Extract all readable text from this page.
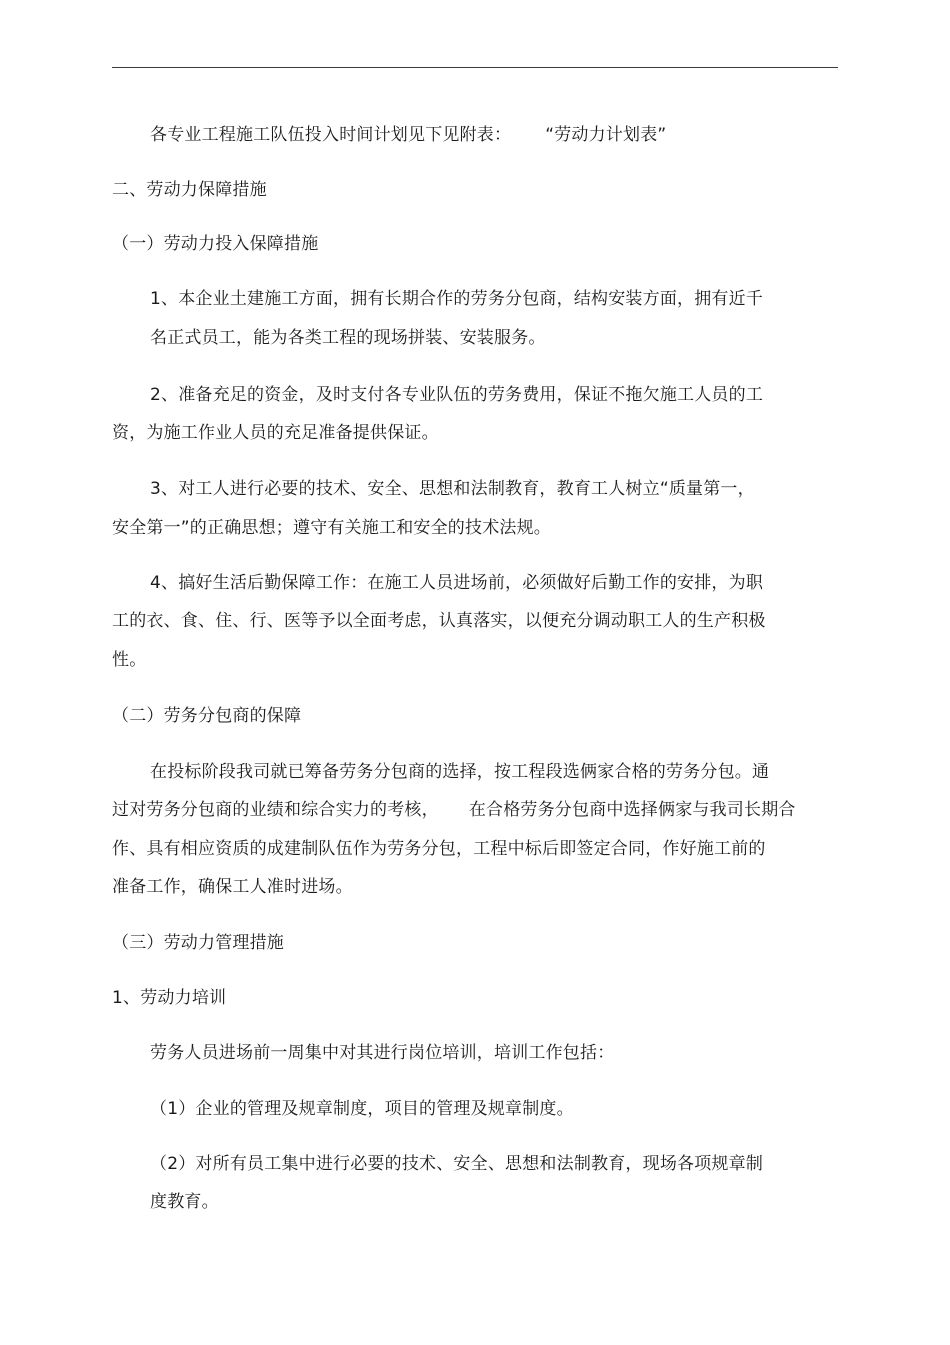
各专业工程施工队伍投入时间计划见下见附表： “劳动力计划表”

二、劳动力保障措施

（一）劳动力投入保障措施

1、本企业土建施工方面，拥有长期合作的劳务分包商，结构安装方面，拥有近千

名正式员工，能为各类工程的现场拼装、安装服务。

2、准备充足的资金，及时支付各专业队伍的劳务费用，保证不拖欠施工人员的工

资，为施工作业人员的充足准备提供保证。

3、对工人进行必要的技术、安全、思想和法制教育，教育工人树立“质量第一，

安全第一”的正确思想；遵守有关施工和安全的技术法规。

4、搞好生活后勤保障工作：在施工人员进场前，必须做好后勤工作的安排，为职

工的衣、食、住、行、医等予以全面考虑，认真落实，以便充分调动职工人的生产积极

性。

（二）劳务分包商的保障

在投标阶段我司就已筹备劳务分包商的选择，按工程段选俩家合格的劳务分包。通

过对劳务分包商的业绩和综合实力的考核， 在合格劳务分包商中选择俩家与我司长期合

作、具有相应资质的成建制队伍作为劳务分包，工程中标后即签定合同，作好施工前的

准备工作，确保工人准时进场。

（三）劳动力管理措施

1、劳动力培训

劳务人员进场前一周集中对其进行岗位培训，培训工作包括：

（1）企业的管理及规章制度，项目的管理及规章制度。

（2）对所有员工集中进行必要的技术、安全、思想和法制教育，现场各项规章制

度教育。
